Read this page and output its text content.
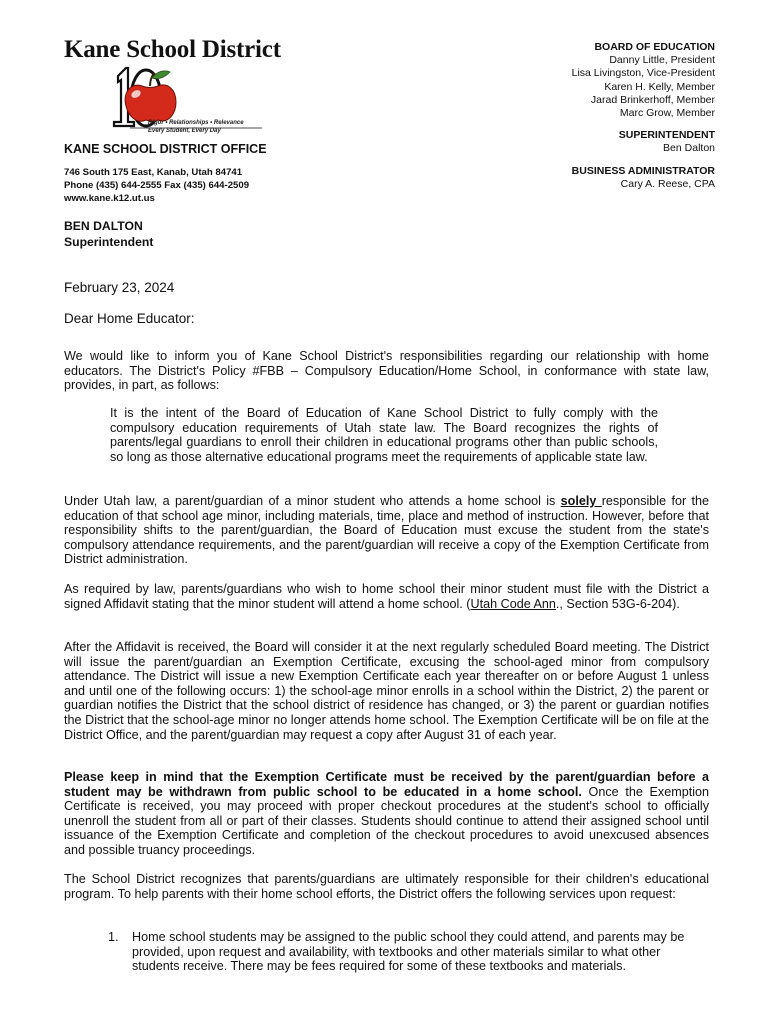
Kane School District
Rigor • Relationships • Relevance
Every Student, Every Day
KANE SCHOOL DISTRICT OFFICE
746 South 175 East, Kanab, Utah 84741
Phone (435) 644-2555 Fax (435) 644-2509
www.kane.k12.ut.us
BOARD OF EDUCATION
Danny Little, President
Lisa Livingston, Vice-President
Karen H. Kelly, Member
Jarad Brinkerhoff, Member
Marc Grow, Member
SUPERINTENDENT
Ben Dalton
BUSINESS ADMINISTRATOR
Cary A. Reese, CPA
BEN DALTON
Superintendent
February 23, 2024
Dear Home Educator:
We would like to inform you of Kane School District's responsibilities regarding our relationship with home educators. The District's Policy #FBB – Compulsory Education/Home School, in conformance with state law, provides, in part, as follows:
It is the intent of the Board of Education of Kane School District to fully comply with the compulsory education requirements of Utah state law. The Board recognizes the rights of parents/legal guardians to enroll their children in educational programs other than public schools, so long as those alternative educational programs meet the requirements of applicable state law.
Under Utah law, a parent/guardian of a minor student who attends a home school is solely responsible for the education of that school age minor, including materials, time, place and method of instruction. However, before that responsibility shifts to the parent/guardian, the Board of Education must excuse the student from the state's compulsory attendance requirements, and the parent/guardian will receive a copy of the Exemption Certificate from District administration.
As required by law, parents/guardians who wish to home school their minor student must file with the District a signed Affidavit stating that the minor student will attend a home school. (Utah Code Ann., Section 53G-6-204).
After the Affidavit is received, the Board will consider it at the next regularly scheduled Board meeting. The District will issue the parent/guardian an Exemption Certificate, excusing the school-aged minor from compulsory attendance. The District will issue a new Exemption Certificate each year thereafter on or before August 1 unless and until one of the following occurs: 1) the school-age minor enrolls in a school within the District, 2) the parent or guardian notifies the District that the school district of residence has changed, or 3) the parent or guardian notifies the District that the school-age minor no longer attends home school. The Exemption Certificate will be on file at the District Office, and the parent/guardian may request a copy after August 31 of each year.
Please keep in mind that the Exemption Certificate must be received by the parent/guardian before a student may be withdrawn from public school to be educated in a home school. Once the Exemption Certificate is received, you may proceed with proper checkout procedures at the student's school to officially unenroll the student from all or part of their classes. Students should continue to attend their assigned school until issuance of the Exemption Certificate and completion of the checkout procedures to avoid unexcused absences and possible truancy proceedings.
The School District recognizes that parents/guardians are ultimately responsible for their children's educational program. To help parents with their home school efforts, the District offers the following services upon request:
1. Home school students may be assigned to the public school they could attend, and parents may be provided, upon request and availability, with textbooks and other materials similar to what other students receive. There may be fees required for some of these textbooks and materials.
